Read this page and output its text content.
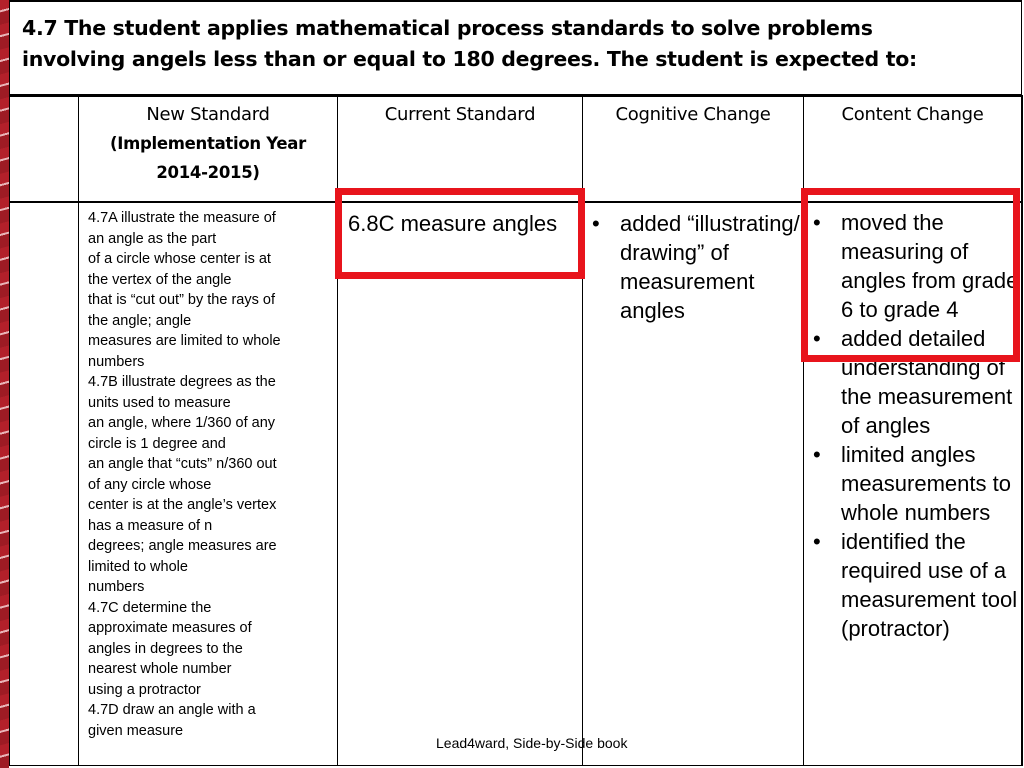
4.7 The student applies mathematical process standards to solve problems
involving angels less than or equal to 180 degrees. The student is expected to:
New Standard
(Implementation Year
2014-2015)
Current Standard	Cognitive Change	Content Change
4.7A illustrate the measure of
an angle as the part
of a circle whose center is at
the vertex of the angle
that is “cut out” by the rays of
the angle; angle
measures are limited to whole
numbers
4.7B illustrate degrees as the
units used to measure
an angle, where 1/360 of any
circle is 1 degree and
an angle that “cuts” n/360 out
of any circle whose
center is at the angle’s vertex
has a measure of n
degrees; angle measures are
limited to whole
numbers
4.7C determine the
approximate measures of
angles in degrees to the
nearest whole number
using a protractor
4.7D draw an angle with a
given measure
6.8C measure angles
•	added “illustrating/ drawing” of measurement angles
• moved the measuring of angles from grade 6 to grade 4
• added detailed understanding of the measurement of angles
• limited angles measurements to whole numbers
• identified the required use of a measurement tool (protractor)
Lead4ward, Side-by-Side book
